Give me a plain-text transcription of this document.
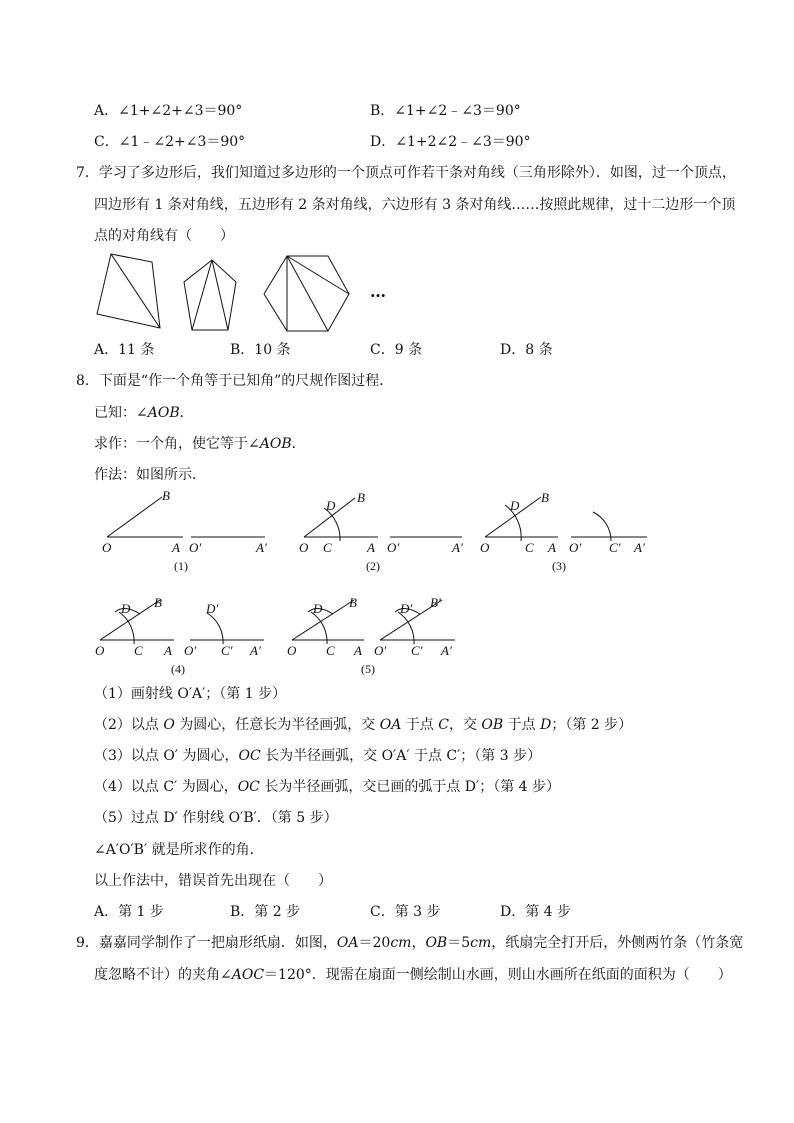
A．∠1+∠2+∠3＝90°	B．∠1+∠2﹣∠3＝90°
C．∠1﹣∠2+∠3＝90°	D．∠1+2∠2﹣∠3＝90°
7．学习了多边形后，我们知道过多边形的一个顶点可作若干条对角线（三角形除外）．如图，过一个顶点，
四边形有 1 条对角线，五边形有 2 条对角线，六边形有 3 条对角线……按照此规律，过十二边形一个顶
点的对角线有（　　）
…
A．11 条	B．10 条	C．9 条	D．8 条
8．下面是“作一个角等于已知角”的尺规作图过程．
已知：∠AOB．
求作：一个角，使它等于∠AOB．
作法：如图所示．
O	A
B
O′	A′
(1)
O C	A
D
B
O′	A′
(2)
O	C A
D
B
O′ C′ A′
(3)
O C A
D B
O′ C′ A′
D′
(4)
O C A
D B
O′ C′ A′
D′ B′
(5)
（1）画射线 O′A′；（第 1 步）
（2）以点 O 为圆心，任意长为半径画弧，交 OA 于点 C，交 OB 于点 D；（第 2 步）
（3）以点 O′ 为圆心，OC 长为半径画弧，交 O′A′ 于点 C′；（第 3 步）
（4）以点 C′ 为圆心，OC 长为半径画弧，交已画的弧于点 D′；（第 4 步）
（5）过点 D′ 作射线 O′B′．（第 5 步）
∠A′O′B′ 就是所求作的角．
以上作法中，错误首先出现在（　　）
A．第 1 步	B．第 2 步	C．第 3 步	D．第 4 步
9．嘉嘉同学制作了一把扇形纸扇．如图，OA＝20cm，OB＝5cm，纸扇完全打开后，外侧两竹条（竹条宽
度忽略不计）的夹角∠AOC＝120°．现需在扇面一侧绘制山水画，则山水画所在纸面的面积为（　　）
